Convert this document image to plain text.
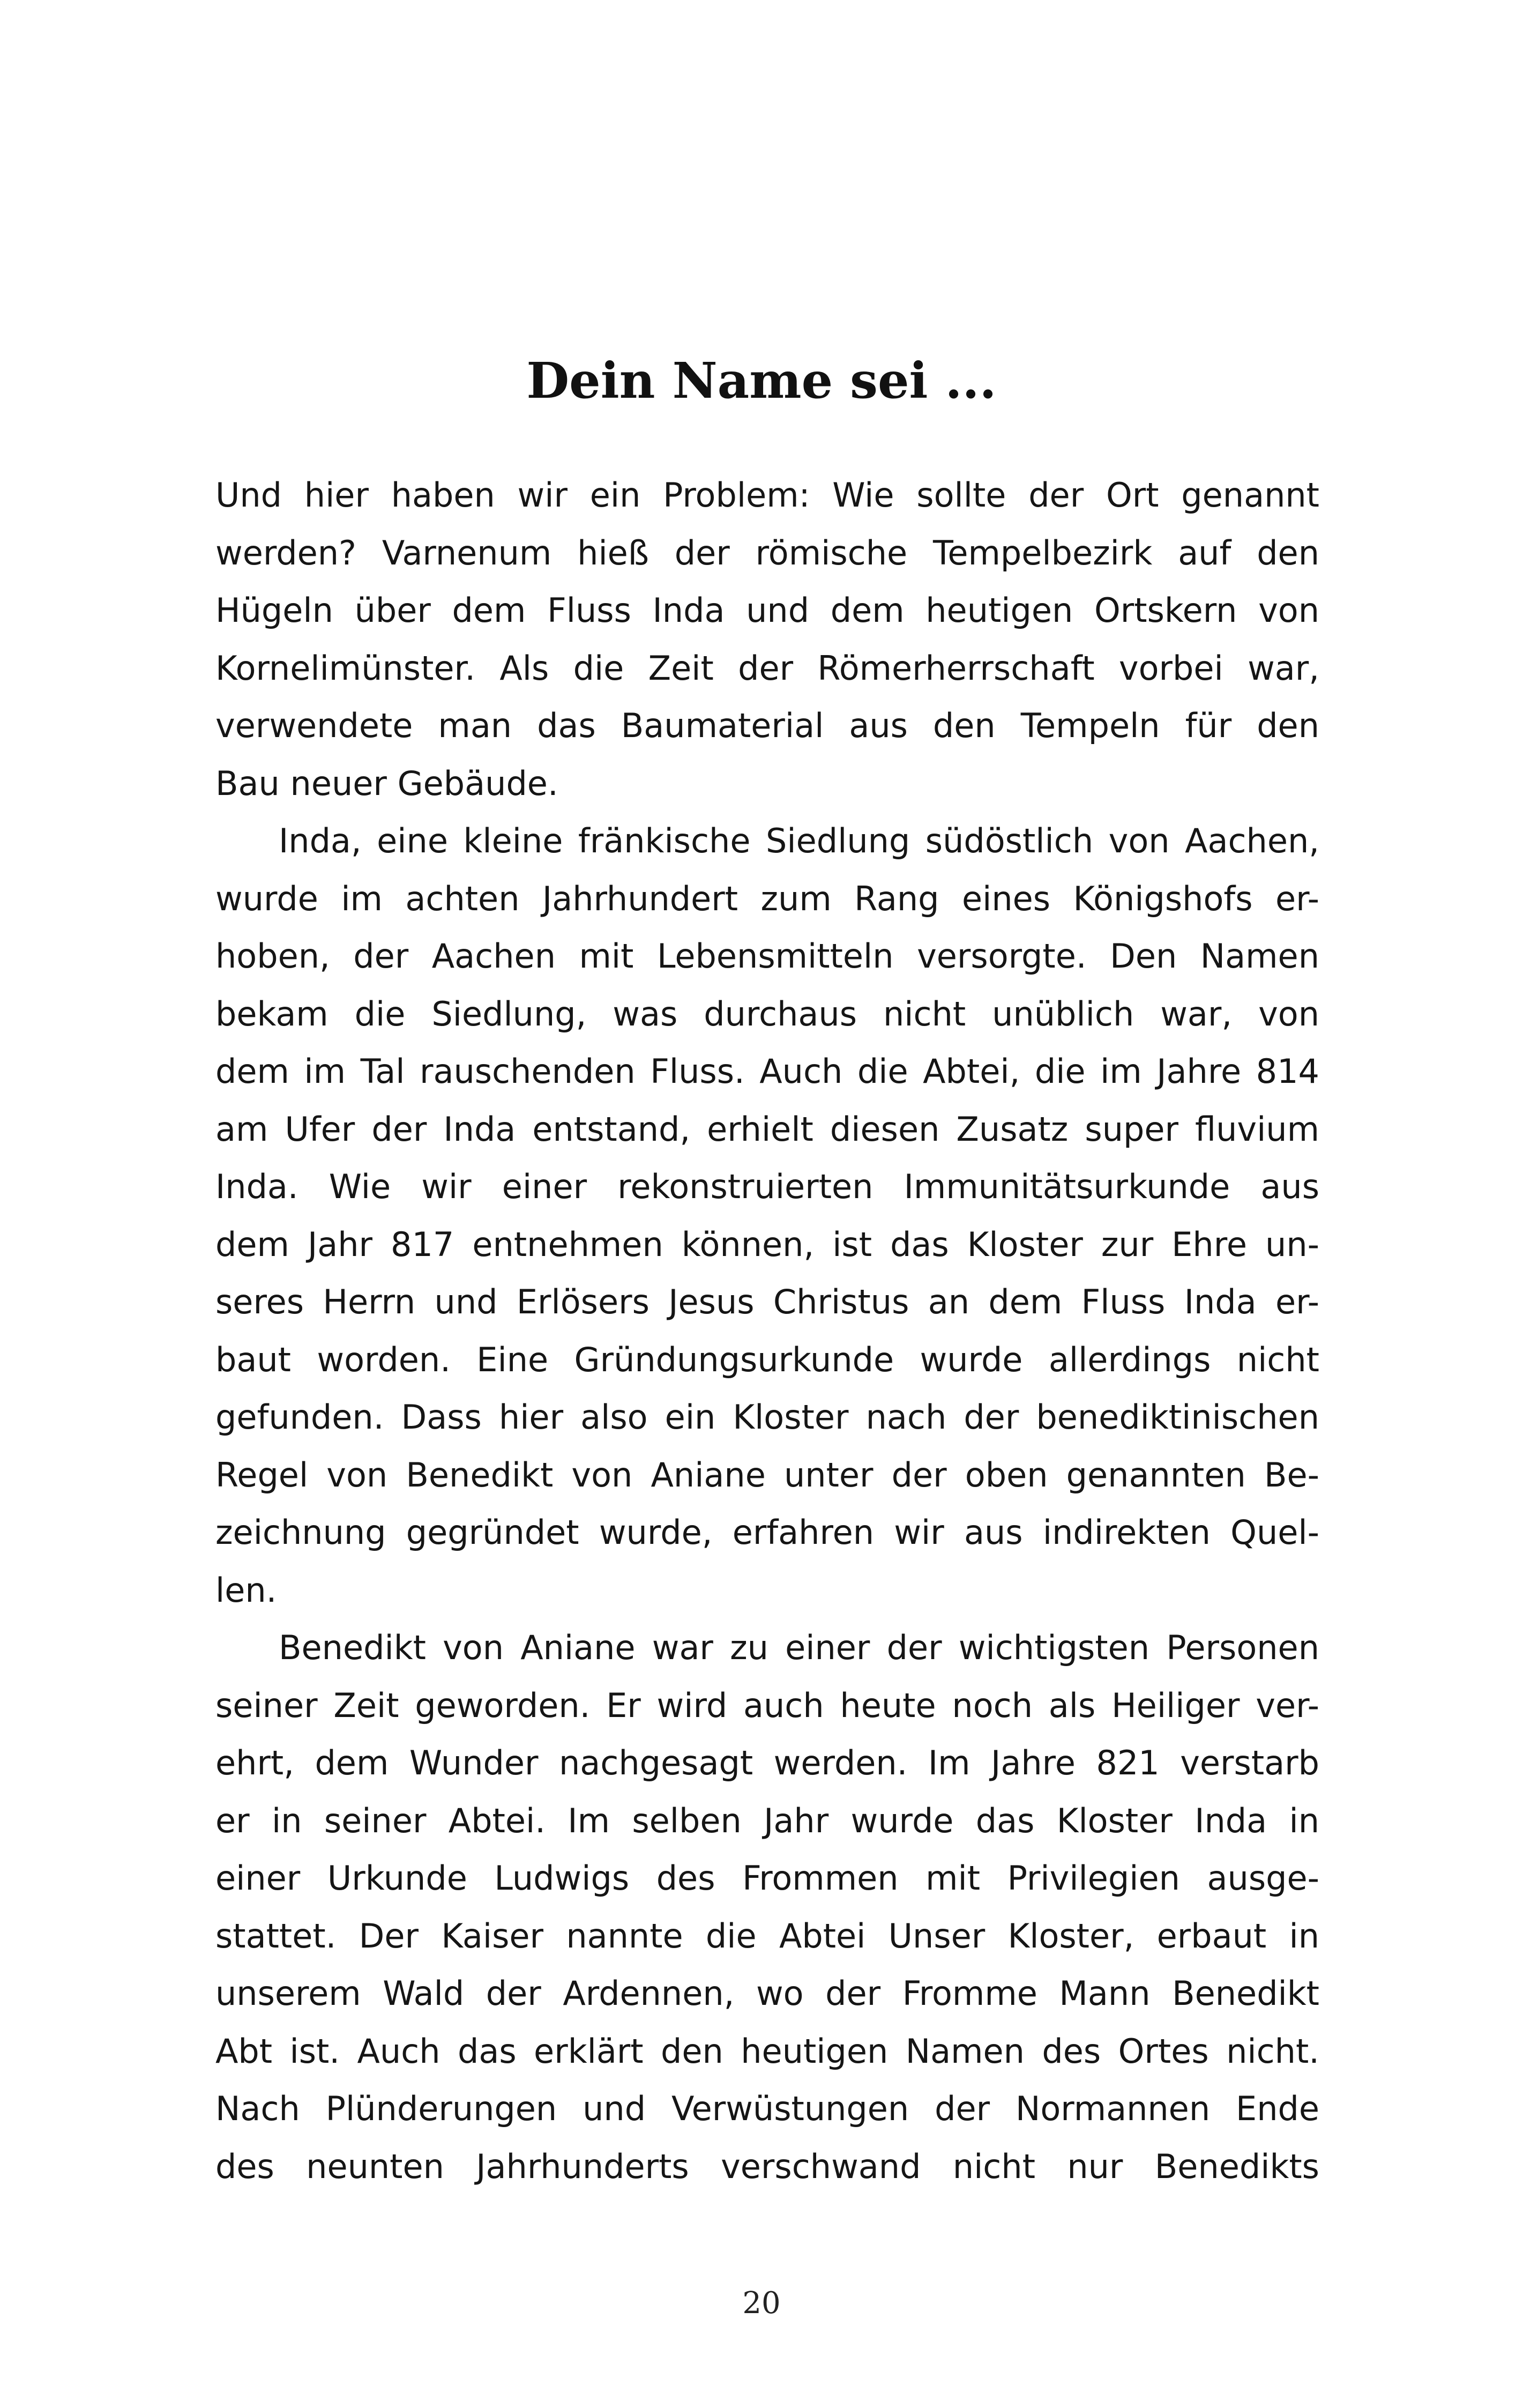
Dein Name sei ...

Und hier haben wir ein Problem: Wie sollte der Ort genannt
werden? Varnenum hieß der römische Tempelbezirk auf den
Hügeln über dem Fluss Inda und dem heutigen Ortskern von
Kornelimünster. Als die Zeit der Römerherrschaft vorbei war,
verwendete man das Baumaterial aus den Tempeln für den
Bau neuer Gebäude.

Inda, eine kleine fränkische Siedlung südöstlich von Aachen,
wurde im achten Jahrhundert zum Rang eines Königshofs er-
hoben, der Aachen mit Lebensmitteln versorgte. Den Namen
bekam die Siedlung, was durchaus nicht unüblich war, von
dem im Tal rauschenden Fluss. Auch die Abtei, die im Jahre 814
am Ufer der Inda entstand, erhielt diesen Zusatz super fluvium
Inda. Wie wir einer rekonstruierten Immunitätsurkunde aus
dem Jahr 817 entnehmen können, ist das Kloster zur Ehre un-
seres Herrn und Erlösers Jesus Christus an dem Fluss Inda er-
baut worden. Eine Gründungsurkunde wurde allerdings nicht
gefunden. Dass hier also ein Kloster nach der benediktinischen
Regel von Benedikt von Aniane unter der oben genannten Be-
zeichnung gegründet wurde, erfahren wir aus indirekten Quel-
len.

Benedikt von Aniane war zu einer der wichtigsten Personen
seiner Zeit geworden. Er wird auch heute noch als Heiliger ver-
ehrt, dem Wunder nachgesagt werden. Im Jahre 821 verstarb
er in seiner Abtei. Im selben Jahr wurde das Kloster Inda in
einer Urkunde Ludwigs des Frommen mit Privilegien ausge-
stattet. Der Kaiser nannte die Abtei Unser Kloster, erbaut in
unserem Wald der Ardennen, wo der Fromme Mann Benedikt
Abt ist. Auch das erklärt den heutigen Namen des Ortes nicht.
Nach Plünderungen und Verwüstungen der Normannen Ende
des neunten Jahrhunderts verschwand nicht nur Benedikts

20
